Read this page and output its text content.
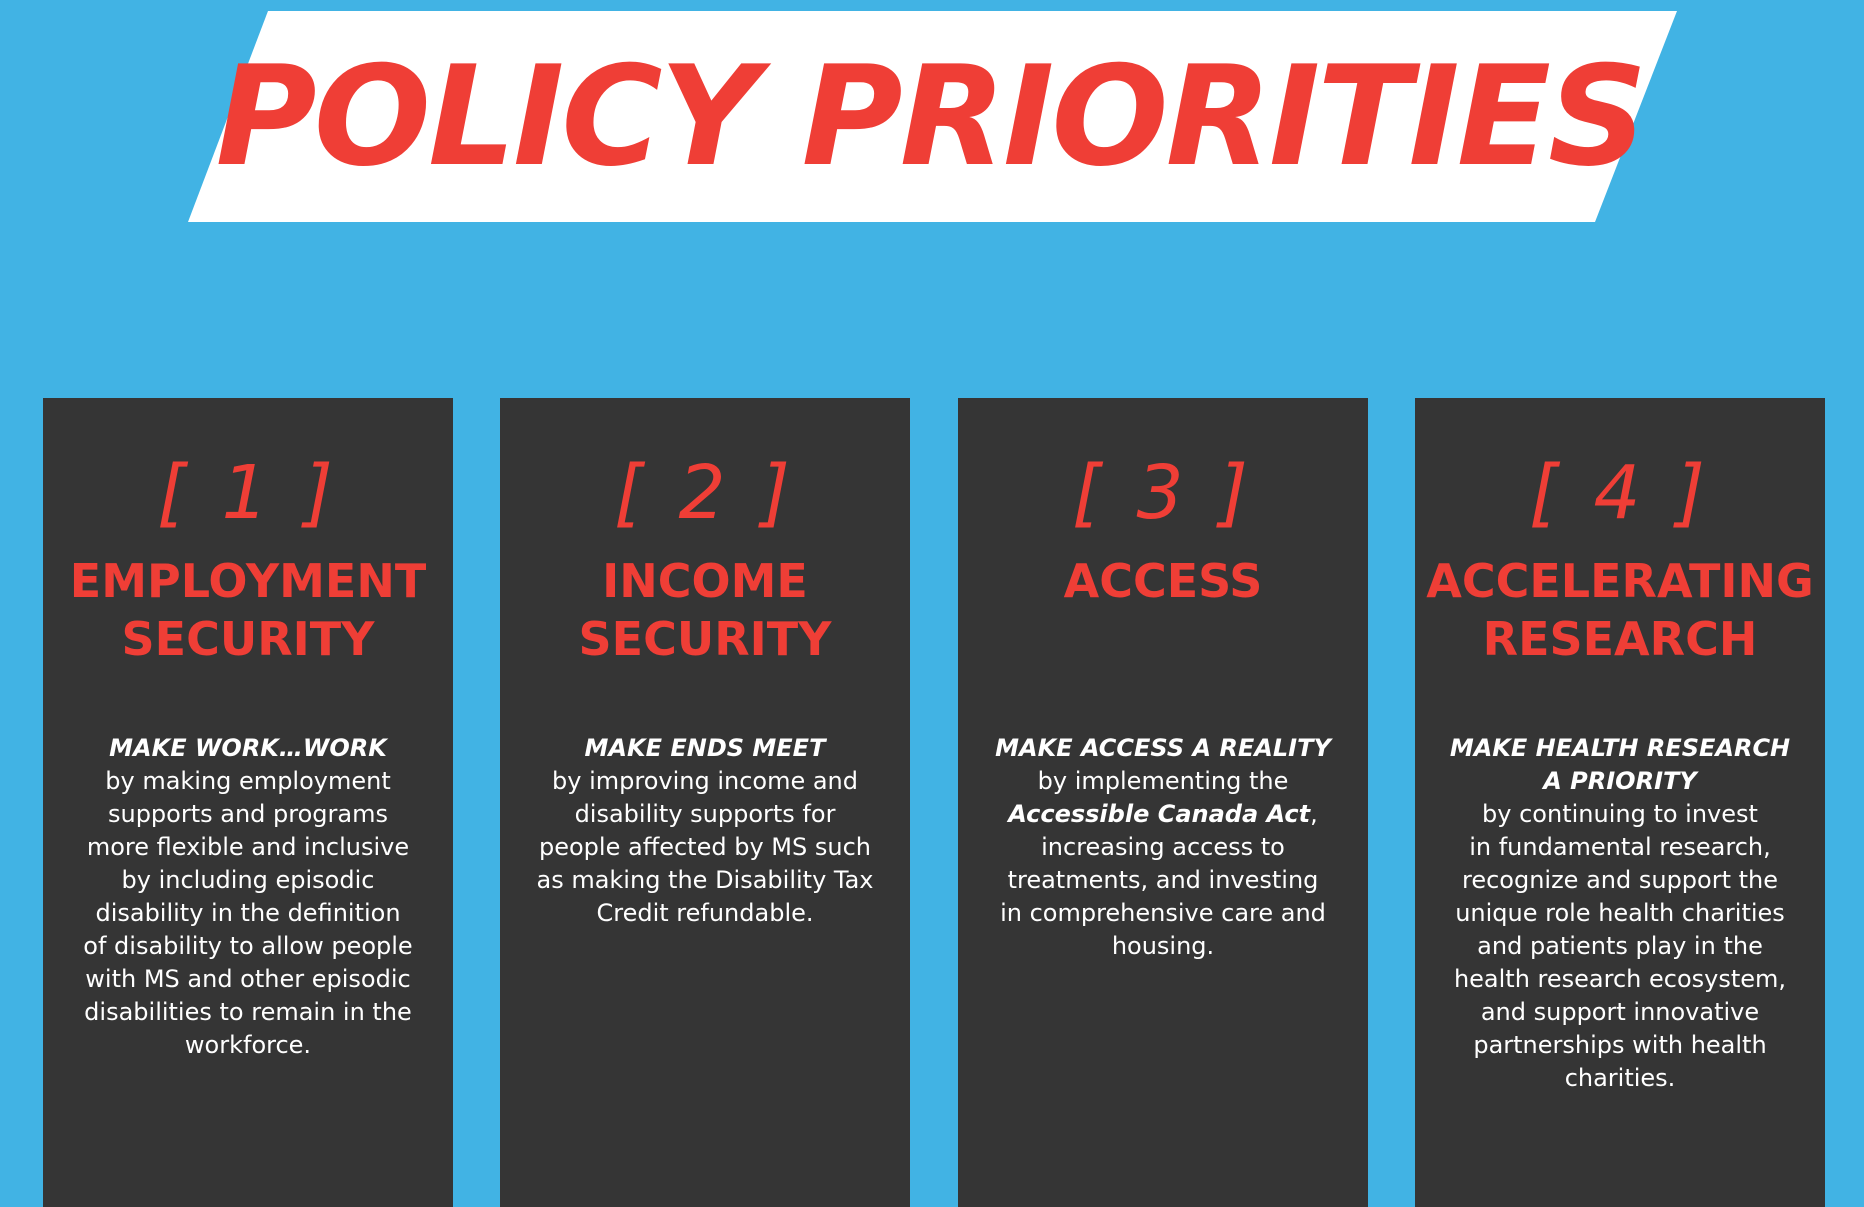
POLICY PRIORITIES
[ 1 ]
EMPLOYMENT
SECURITY
MAKE WORK…WORK
by making employment
supports and programs
more flexible and inclusive
by including episodic
disability in the definition
of disability to allow people
with MS and other episodic
disabilities to remain in the
workforce.
[ 2 ]
INCOME
SECURITY
MAKE ENDS MEET
by improving income and
disability supports for
people affected by MS such
as making the Disability Tax
Credit refundable.
[ 3 ]
ACCESS
MAKE ACCESS A REALITY
by implementing the
Accessible Canada Act,
increasing access to
treatments, and investing
in comprehensive care and
housing.
[ 4 ]
ACCELERATING
RESEARCH
MAKE HEALTH RESEARCH
A PRIORITY
by continuing to invest
in fundamental research,
recognize and support the
unique role health charities
and patients play in the
health research ecosystem,
and support innovative
partnerships with health
charities.
